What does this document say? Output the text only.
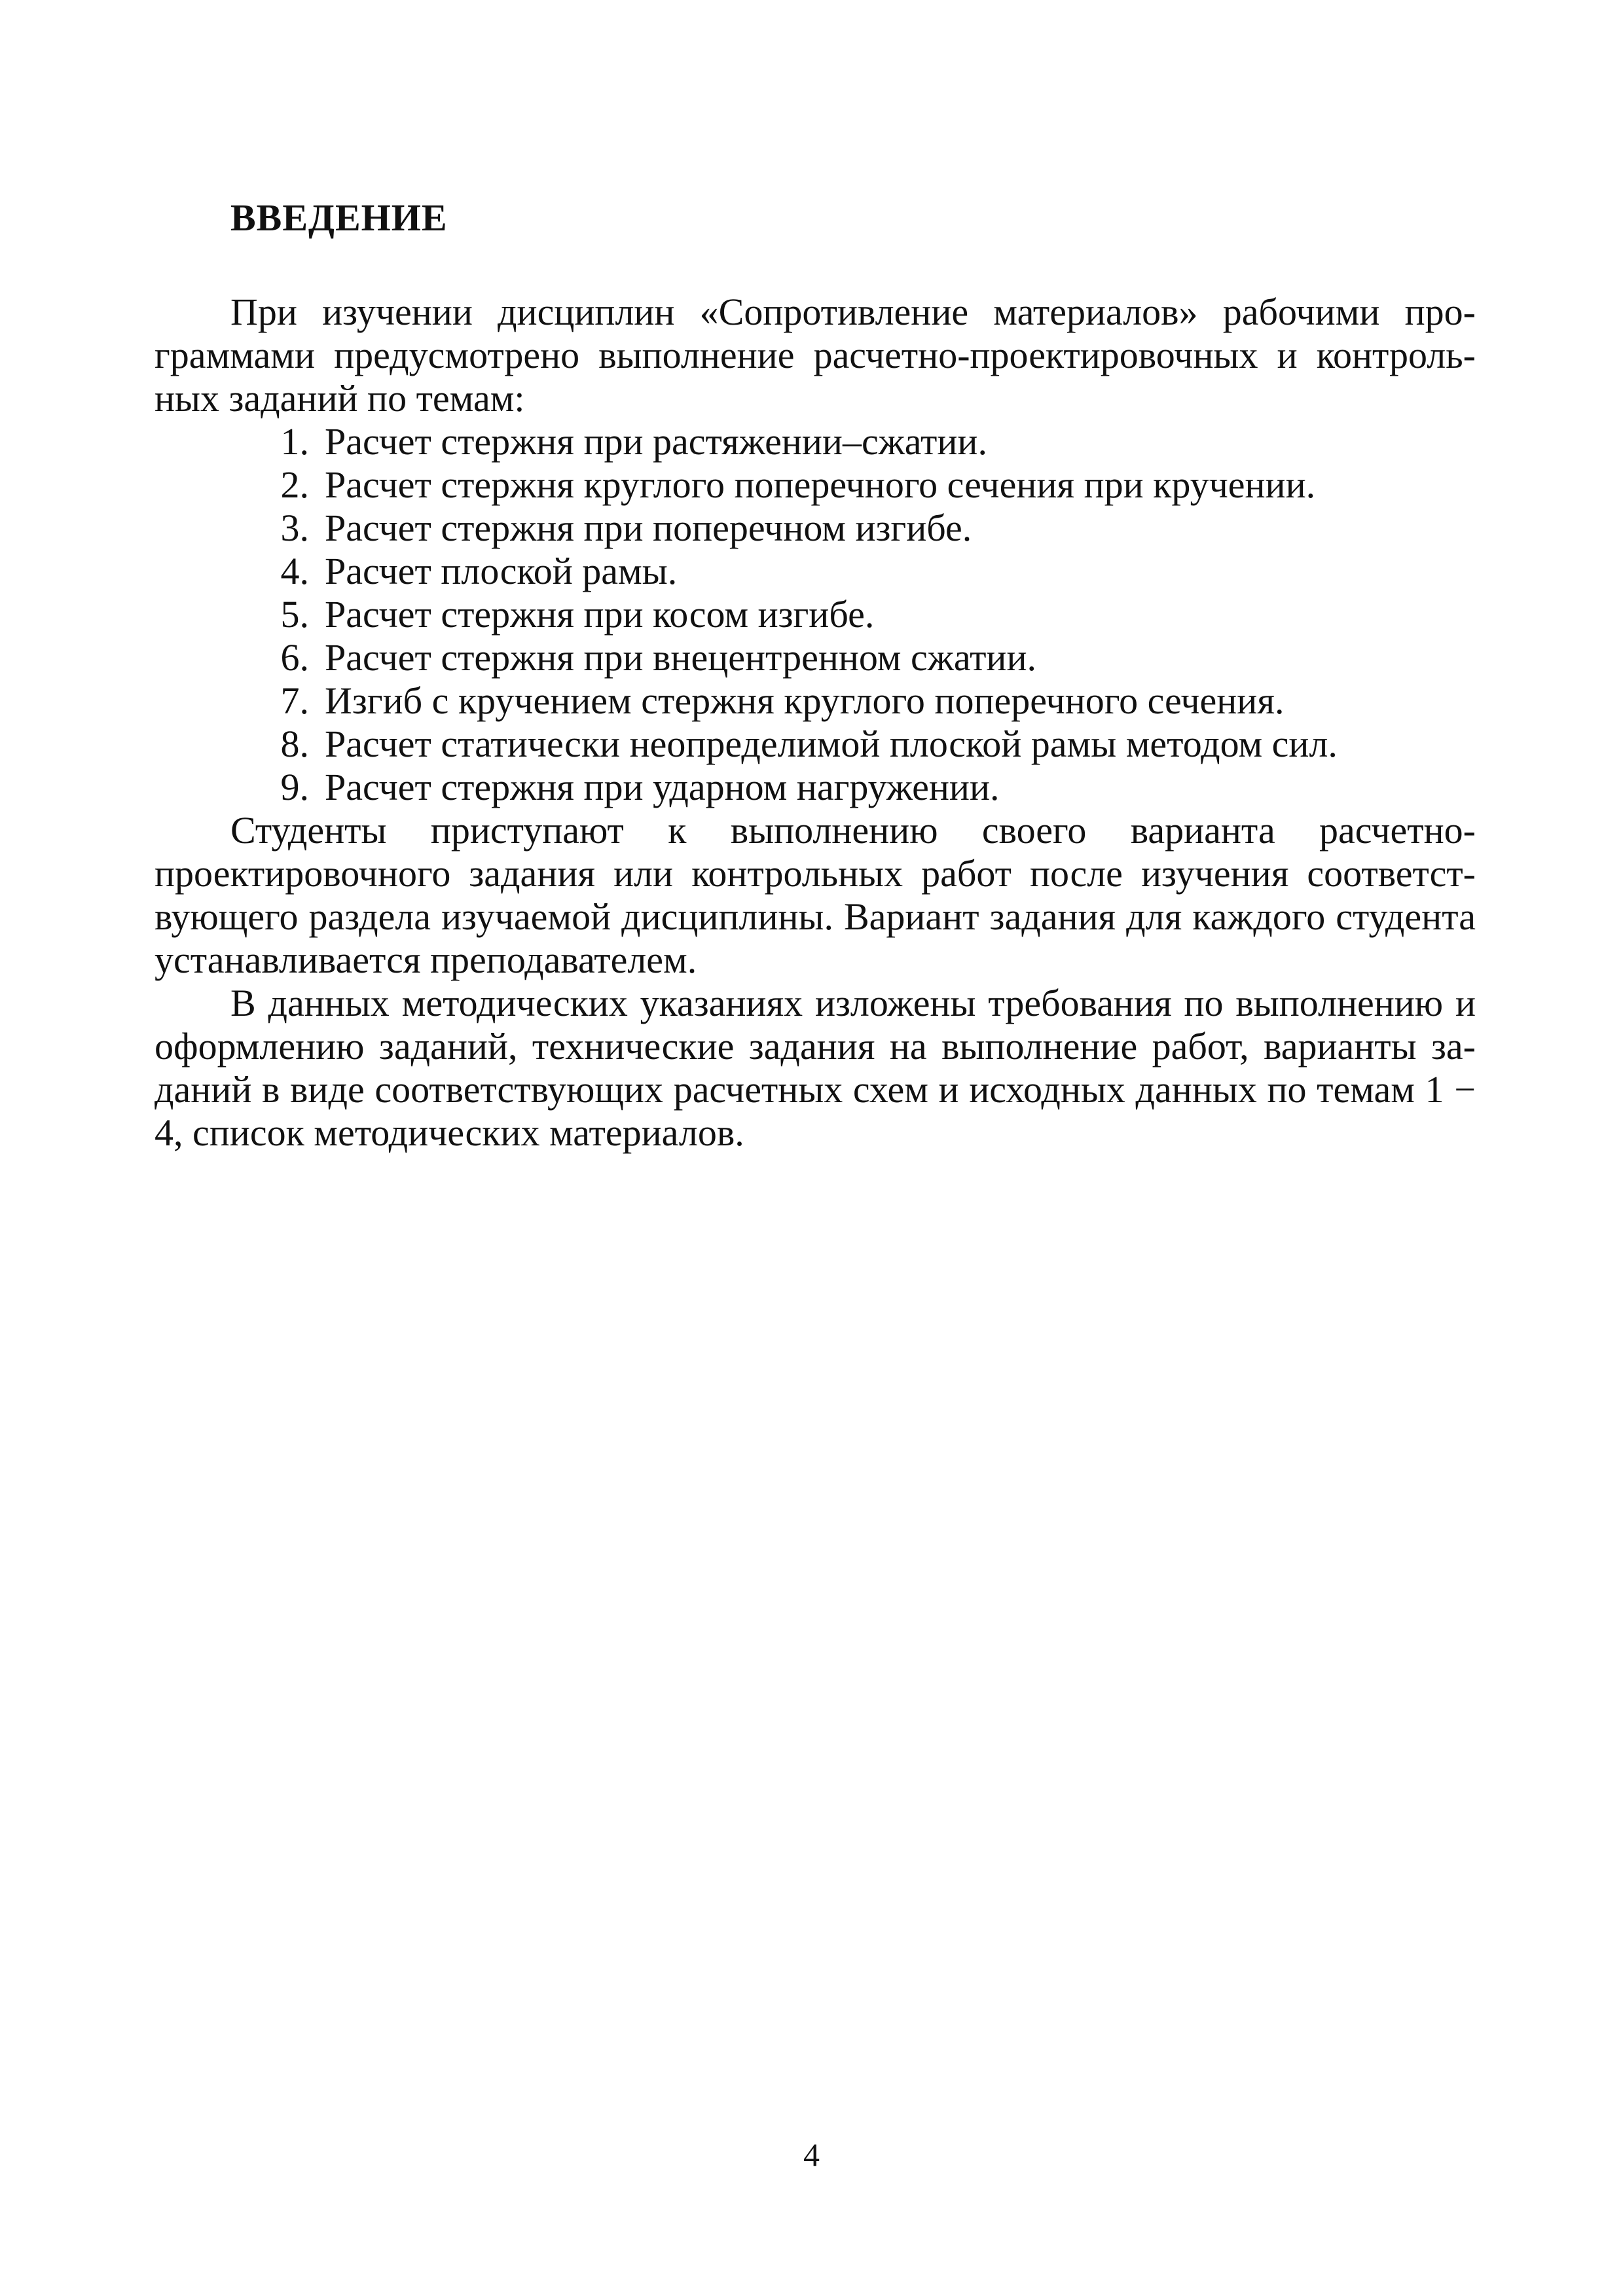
ВВЕДЕНИЕ

При изучении дисциплин «Сопротивление материалов» рабочими программами предусмотрено выполнение расчетно-проектировочных и контрольных заданий по темам:

1. Расчет стержня при растяжении–сжатии.
2. Расчет стержня круглого поперечного сечения при кручении.
3. Расчет стержня при поперечном изгибе.
4. Расчет плоской рамы.
5. Расчет стержня при косом изгибе.
6. Расчет стержня при внецентренном сжатии.
7. Изгиб с кручением стержня круглого поперечного сечения.
8. Расчет статически неопределимой плоской рамы методом сил.
9. Расчет стержня при ударном нагружении.

Студенты приступают к выполнению своего варианта расчетно-проектировочного задания или контрольных работ после изучения соответствующего раздела изучаемой дисциплины. Вариант задания для каждого студента устанавливается преподавателем.

В данных методических указаниях изложены требования по выполнению и оформлению заданий, технические задания на выполнение работ, варианты заданий в виде соответствующих расчетных схем и исходных данных по темам 1 − 4, список методических материалов.

4
